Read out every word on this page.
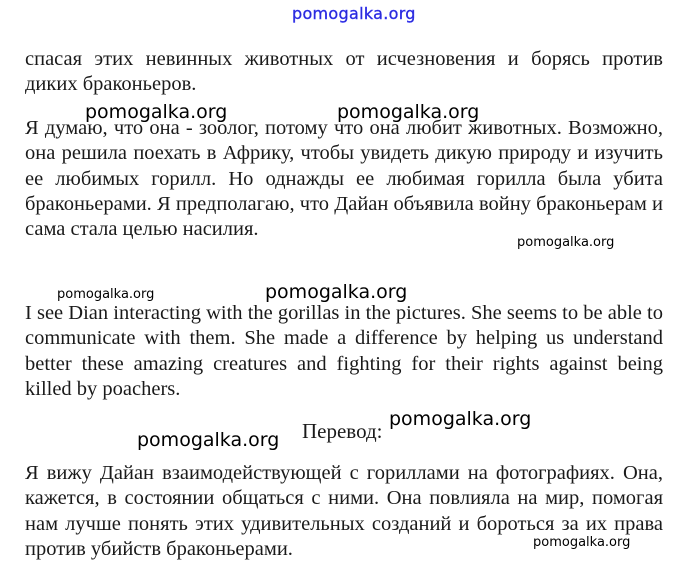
pomogalka.org

спасая этих невинных животных от исчезновения и борясь против диких браконьеров.

pomogalka.org	pomogalka.org

Я думаю, что она - зоолог, потому что она любит животных. Возможно, она решила поехать в Африку, чтобы увидеть дикую природу и изучить ее любимых горилл. Но однажды ее любимая горилла была убита браконьерами. Я предполагаю, что Дайан объявила войну браконьерам и сама стала целью насилия.

pomogalka.org
pomogalka.org	pomogalka.org

I see Dian interacting with the gorillas in the pictures. She seems to be able to communicate with them. She made a difference by helping us understand better these amazing creatures and fighting for their rights against being killed by poachers.

Перевод: pomogalka.org
pomogalka.org

Я вижу Дайан взаимодействующей с гориллами на фотографиях. Она, кажется, в состоянии общаться с ними. Она повлияла на мир, помогая нам лучше понять этих удивительных созданий и бороться за их права против убийств браконьерами.	pomogalka.org
